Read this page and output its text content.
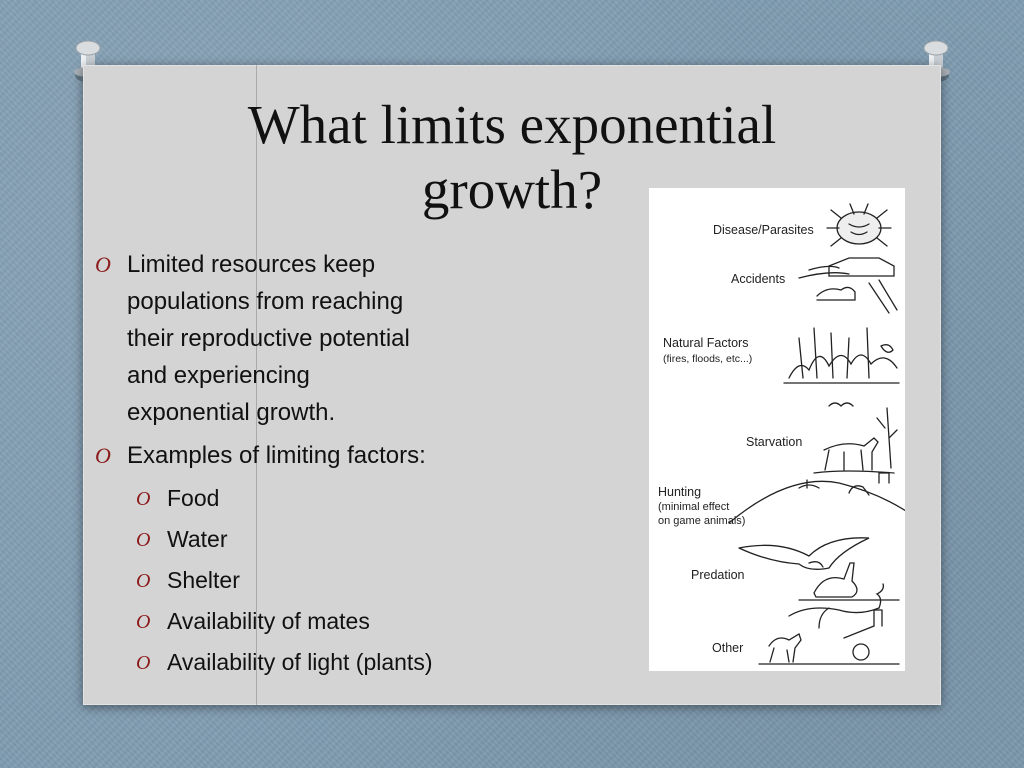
What limits exponential
growth?
O Limited resources keep
populations from reaching
their reproductive potential
and experiencing
exponential growth.
O Examples of limiting factors:
O Food
O Water
O Shelter
O Availability of mates
O Availability of light (plants)
Disease/Parasites
Accidents
Natural Factors
(fires, floods, etc...)
Starvation
Hunting
(minimal effect
on game animals)
Predation
Other
